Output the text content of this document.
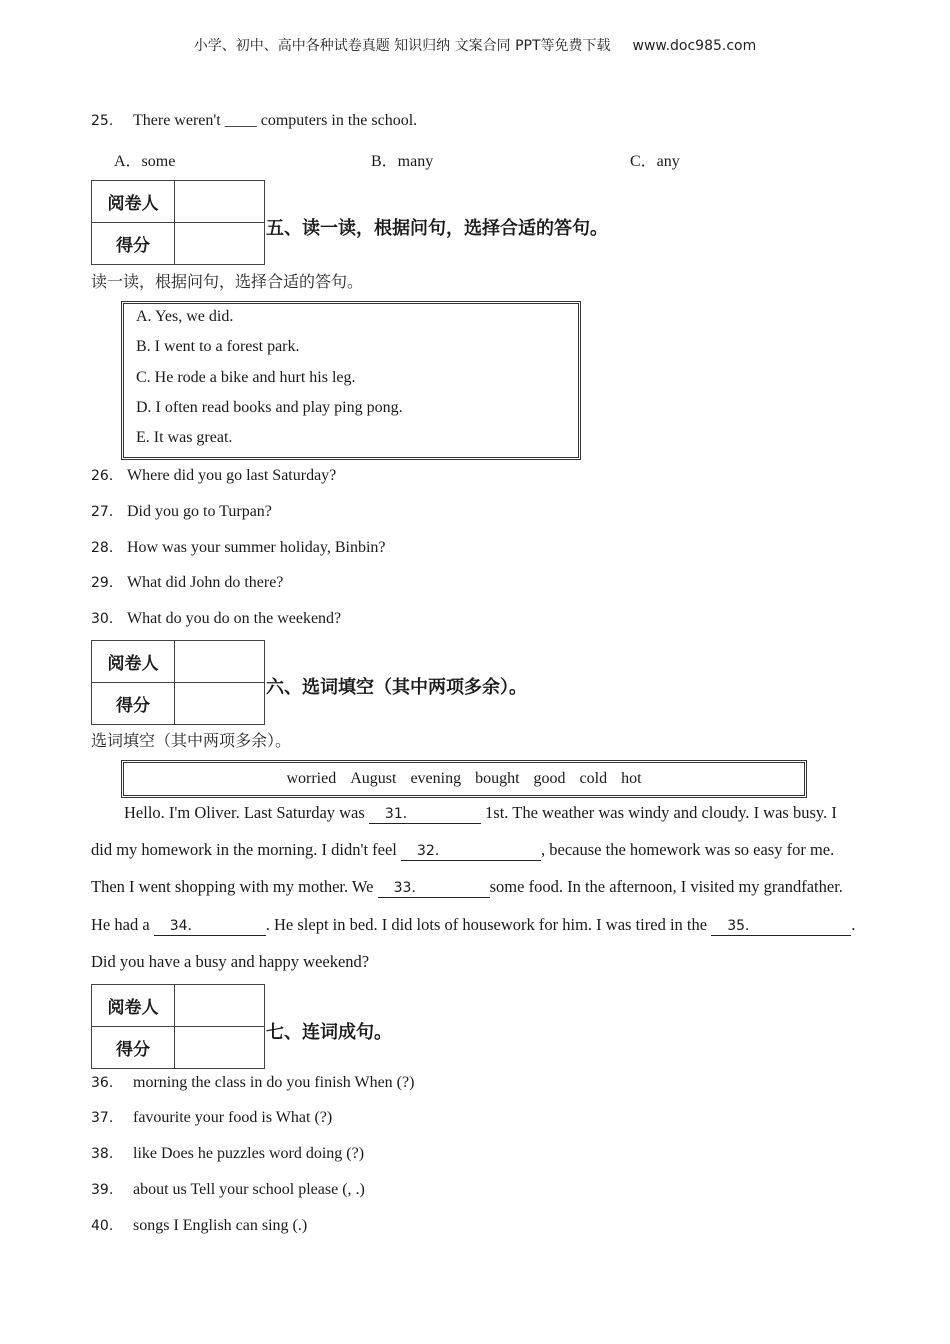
小学、初中、高中各种试卷真题 知识归纳 文案合同 PPT等免费下载 www.doc985.com
25. There weren't ____ computers in the school.
A．some	B．many	C．any
阅卷人	
得分	
五、读一读，根据问句，选择合适的答句。
读一读，根据问句，选择合适的答句。
A. Yes, we did.
B. I went to a forest park.
C. He rode a bike and hurt his leg.
D. I often read books and play ping pong.
E. It was great.
26． Where did you go last Saturday?
27． Did you go to Turpan?
28． How was your summer holiday, Binbin?
29． What did John do there?
30． What do you do on the weekend?
阅卷人	
得分	
六、选词填空（其中两项多余）。
选词填空（其中两项多余）。
worried August evening bought good cold hot
Hello. I'm Oliver. Last Saturday was 31．	1st. The weather was windy and cloudy. I was busy. I
did my homework in the morning. I didn't feel 32．	, because the homework was so easy for me.
Then I went shopping with my mother. We 33．	some food. In the afternoon, I visited my grandfather.
He had a 34．	. He slept in bed. I did lots of housework for him. I was tired in the 35．	.
Did you have a busy and happy weekend?
阅卷人	
得分	
七、连词成句。
36. morning the class in do you finish When (?)
37. favourite your food is What (?)
38. like Does he puzzles word doing (?)
39. about us Tell your school please (, .)
40. songs I English can sing (.)
